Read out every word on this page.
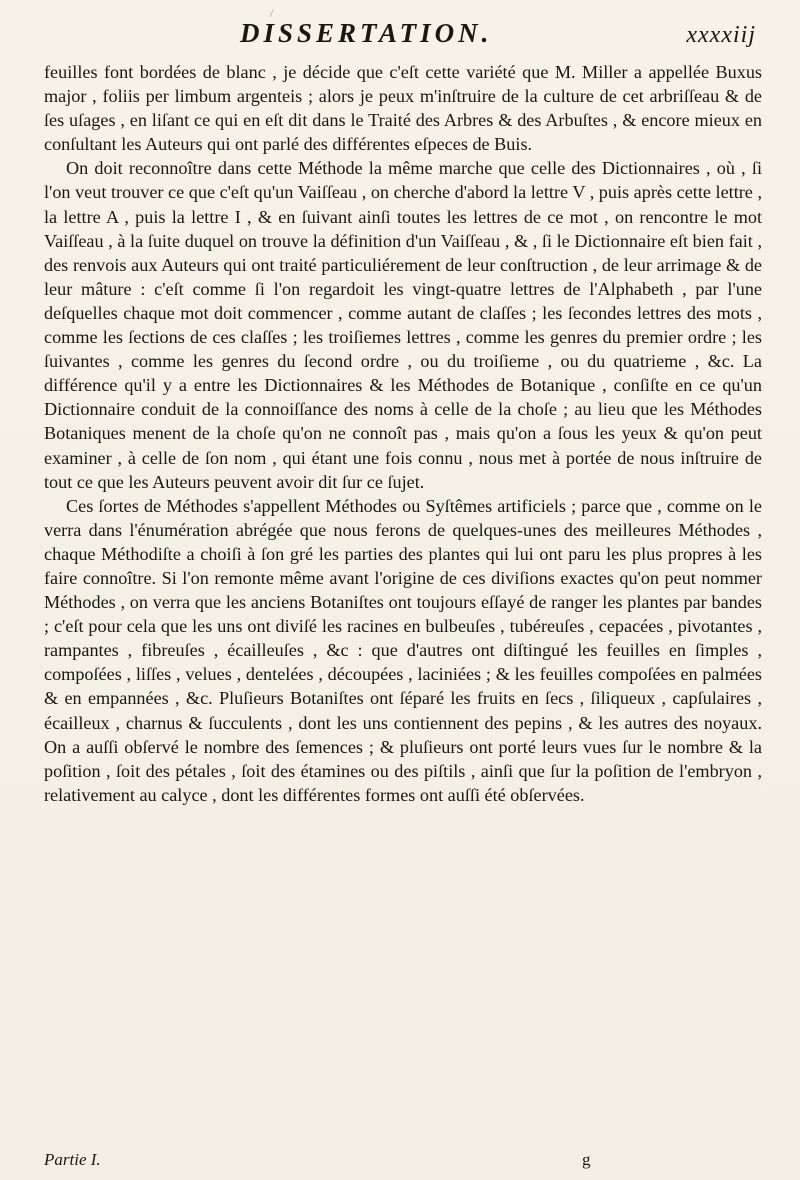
/
DISSERTATION.	xxxxiij

feuilles font bordées de blanc , je décide que c'eſt cette variété que M. Miller a appellée Buxus major , foliis per limbum argenteis ; alors je peux m'inſtruire de la culture de cet arbriſſeau & de ſes uſages , en liſant ce qui en eſt dit dans le Traité des Arbres & des Arbuſtes , & encore mieux en conſultant les Auteurs qui ont parlé des différentes eſpeces de Buis.

On doit reconnoître dans cette Méthode la même marche que celle des Dictionnaires , où , ſi l'on veut trouver ce que c'eſt qu'un Vaiſſeau , on cherche d'abord la lettre V , puis après cette lettre , la lettre A , puis la lettre I , & en ſuivant ainſi toutes les lettres de ce mot , on rencontre le mot Vaiſſeau , à la ſuite duquel on trouve la définition d'un Vaiſſeau , & , ſi le Dictionnaire eſt bien fait , des renvois aux Auteurs qui ont traité particuliérement de leur conſtruction , de leur arrimage & de leur mâture : c'eſt comme ſi l'on regardoit les vingt-quatre lettres de l'Alphabeth , par l'une deſquelles chaque mot doit commencer , comme autant de claſſes ; les ſecondes lettres des mots , comme les ſections de ces claſſes ; les troiſiemes lettres , comme les genres du premier ordre ; les ſuivantes , comme les genres du ſecond ordre , ou du troiſieme , ou du quatrieme , &c. La différence qu'il y a entre les Dictionnaires & les Méthodes de Botanique , conſiſte en ce qu'un Dictionnaire conduit de la connoiſſance des noms à celle de la choſe ; au lieu que les Méthodes Botaniques menent de la choſe qu'on ne connoît pas , mais qu'on a ſous les yeux & qu'on peut examiner , à celle de ſon nom , qui étant une fois connu , nous met à portée de nous inſtruire de tout ce que les Auteurs peuvent avoir dit ſur ce ſujet.

Ces ſortes de Méthodes s'appellent Méthodes ou Syſtêmes artificiels ; parce que , comme on le verra dans l'énumération abrégée que nous ferons de quelques-unes des meilleures Méthodes , chaque Méthodiſte a choiſi à ſon gré les parties des plantes qui lui ont paru les plus propres à les faire connoître. Si l'on remonte même avant l'origine de ces diviſions exactes qu'on peut nommer Méthodes , on verra que les anciens Botaniſtes ont toujours eſſayé de ranger les plantes par bandes ; c'eſt pour cela que les uns ont diviſé les racines en bulbeuſes , tubéreuſes , cepacées , pivotantes , rampantes , fibreuſes , écailleuſes , &c : que d'autres ont diſtingué les feuilles en ſimples , compoſées , liſſes , velues , dentelées , découpées , laciniées ; & les feuilles compoſées en palmées & en empannées , &c. Pluſieurs Botaniſtes ont ſéparé les fruits en ſecs , ſiliqueux , capſulaires , écailleux , charnus & ſucculents , dont les uns contiennent des pepins , & les autres des noyaux. On a auſſi obſervé le nombre des ſemences ; & pluſieurs ont porté leurs vues ſur le nombre & la poſition , ſoit des pétales , ſoit des étamines ou des piſtils , ainſi que ſur la poſition de l'embryon , relativement au calyce , dont les différentes formes ont auſſi été obſervées.

Partie I.	g
